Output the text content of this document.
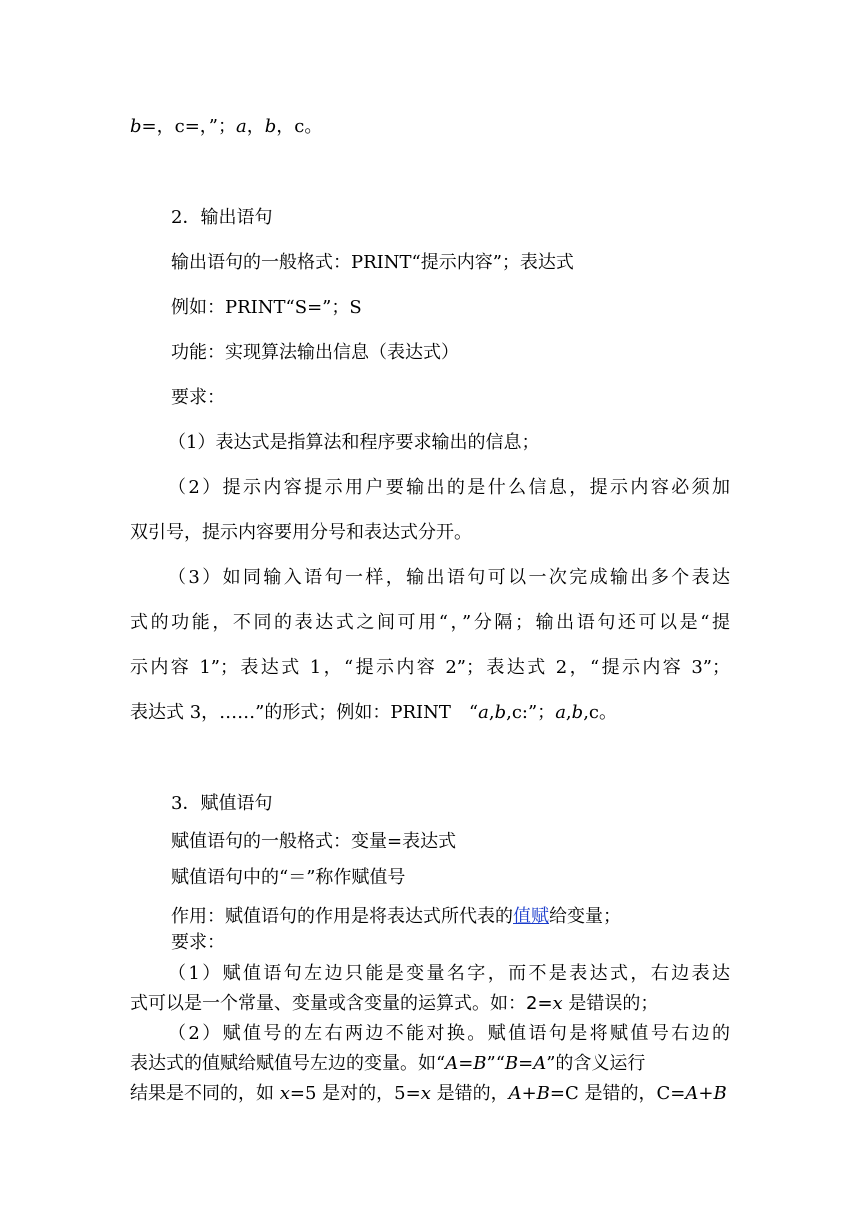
b=，c=，”；a，b，c。
2．输出语句
输出语句的一般格式：PRINT“提示内容”；表达式
例如：PRINT“S=”；S
功能：实现算法输出信息（表达式）
要求：
（1）表达式是指算法和程序要求输出的信息；
（2）提示内容提示用户要输出的是什么信息，提示内容必须加
双引号，提示内容要用分号和表达式分开。
（3）如同输入语句一样，输出语句可以一次完成输出多个表达
式的功能，不同的表达式之间可用“，”分隔；输出语句还可以是“提
示内容 1”；表达式 1，“提示内容 2”；表达式 2，“提示内容 3”；
表达式 3，……”的形式；例如：PRINT　“a,b,c:”；a,b,c。
3．赋值语句
赋值语句的一般格式：变量=表达式
赋值语句中的“＝”称作赋值号
作用：赋值语句的作用是将表达式所代表的值赋给变量；
要求：
（1）赋值语句左边只能是变量名字，而不是表达式，右边表达
式可以是一个常量、变量或含变量的运算式。如：2=x 是错误的；
（2）赋值号的左右两边不能对换。赋值语句是将赋值号右边的
表达式的值赋给赋值号左边的变量。如“A=B”“B=A”的含义运行
结果是不同的，如 x=5 是对的，5=x 是错的，A+B=C 是错的，C=A+B
